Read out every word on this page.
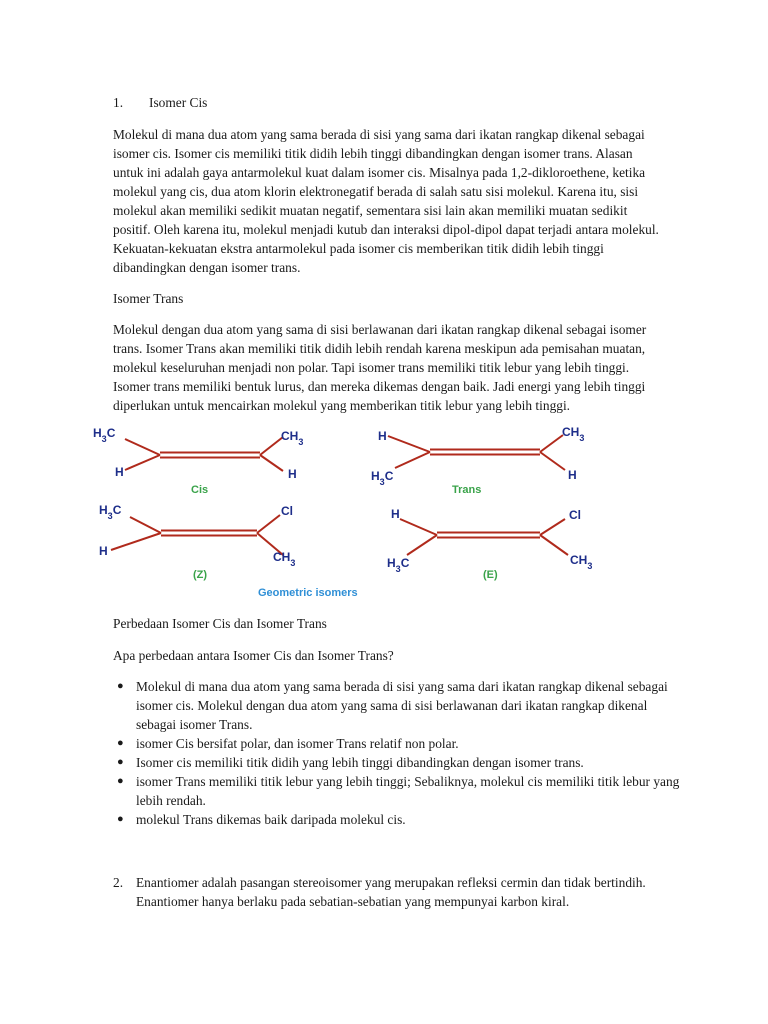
1. Isomer Cis

Molekul di mana dua atom yang sama berada di sisi yang sama dari ikatan rangkap dikenal sebagai
isomer cis. Isomer cis memiliki titik didih lebih tinggi dibandingkan dengan isomer trans. Alasan
untuk ini adalah gaya antarmolekul kuat dalam isomer cis. Misalnya pada 1,2-dikloroethene, ketika
molekul yang cis, dua atom klorin elektronegatif berada di salah satu sisi molekul. Karena itu, sisi
molekul akan memiliki sedikit muatan negatif, sementara sisi lain akan memiliki muatan sedikit
positif. Oleh karena itu, molekul menjadi kutub dan interaksi dipol-dipol dapat terjadi antara molekul.
Kekuatan-kekuatan ekstra antarmolekul pada isomer cis memberikan titik didih lebih tinggi
dibandingkan dengan isomer trans.

Isomer Trans

Molekul dengan dua atom yang sama di sisi berlawanan dari ikatan rangkap dikenal sebagai isomer
trans. Isomer Trans akan memiliki titik didih lebih rendah karena meskipun ada pemisahan muatan,
molekul keseluruhan menjadi non polar. Tapi isomer trans memiliki titik lebur yang lebih tinggi.
Isomer trans memiliki bentuk lurus, dan mereka dikemas dengan baik. Jadi energi yang lebih tinggi
diperlukan untuk mencairkan molekul yang memberikan titik lebur yang lebih tinggi.

$H_3C$	$CH_3$
H	H
Cis
H	$CH_3$
$H_3C$	H
Trans
$H_3C$	Cl
H	$CH_3$
(Z)
H	Cl
$H_3C$	$CH_3$
(E)
Geometric isomers

Perbedaan Isomer Cis dan Isomer Trans

Apa perbedaan antara Isomer Cis dan Isomer Trans?

● Molekul di mana dua atom yang sama berada di sisi yang sama dari ikatan rangkap dikenal sebagai isomer cis. Molekul dengan dua atom yang sama di sisi berlawanan dari ikatan rangkap dikenal sebagai isomer Trans.
● isomer Cis bersifat polar, dan isomer Trans relatif non polar.
● Isomer cis memiliki titik didih yang lebih tinggi dibandingkan dengan isomer trans.
● isomer Trans memiliki titik lebur yang lebih tinggi; Sebaliknya, molekul cis memiliki titik lebur yang lebih rendah.
● molekul Trans dikemas baik daripada molekul cis.
2. Enantiomer adalah pasangan stereoisomer yang merupakan refleksi cermin dan tidak bertindih.
Enantiomer hanya berlaku pada sebatian-sebatian yang mempunyai karbon kiral.
